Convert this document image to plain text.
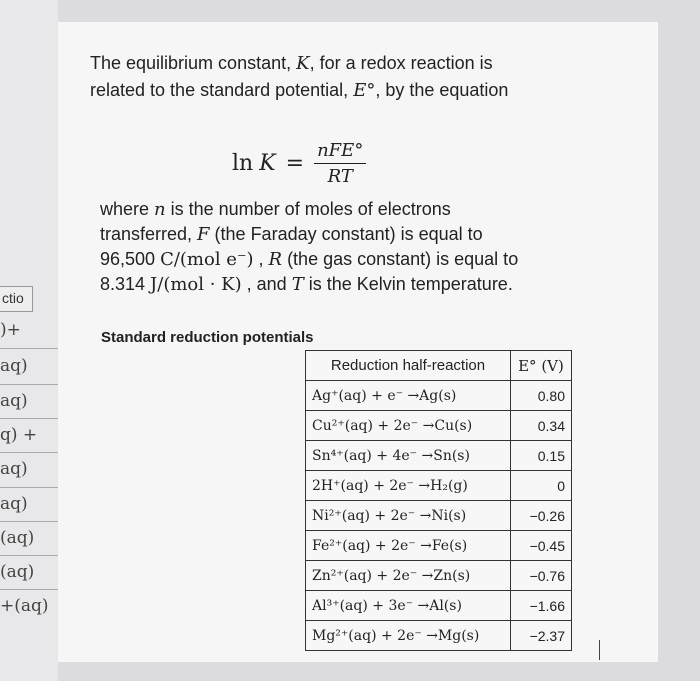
ctio
)+
aq)
aq)
q) +
aq)
aq)
(aq)
(aq)
+(aq)
The equilibrium constant, K, for a redox reaction is related to the standard potential, E°, by the equation
$\ln K = \frac{\text{nFE°}}{RT}$
where n is the number of moles of electrons transferred, F (the Faraday constant) is equal to 96,500 C/(mol e⁻) , R (the gas constant) is equal to 8.314 J/(mol · K) , and T is the Kelvin temperature.
Standard reduction potentials
Reduction half-reaction	E° (V)
Ag⁺(aq) + e⁻ →Ag(s)	0.80
Cu²⁺(aq) + 2e⁻ →Cu(s)	0.34
Sn⁴⁺(aq) + 4e⁻ →Sn(s)	0.15
2H⁺(aq) + 2e⁻ →H₂(g)	0
Ni²⁺(aq) + 2e⁻ →Ni(s)	−0.26
Fe²⁺(aq) + 2e⁻ →Fe(s)	−0.45
Zn²⁺(aq) + 2e⁻ →Zn(s)	−0.76
Al³⁺(aq) + 3e⁻ →Al(s)	−1.66
Mg²⁺(aq) + 2e⁻ →Mg(s)	−2.37
